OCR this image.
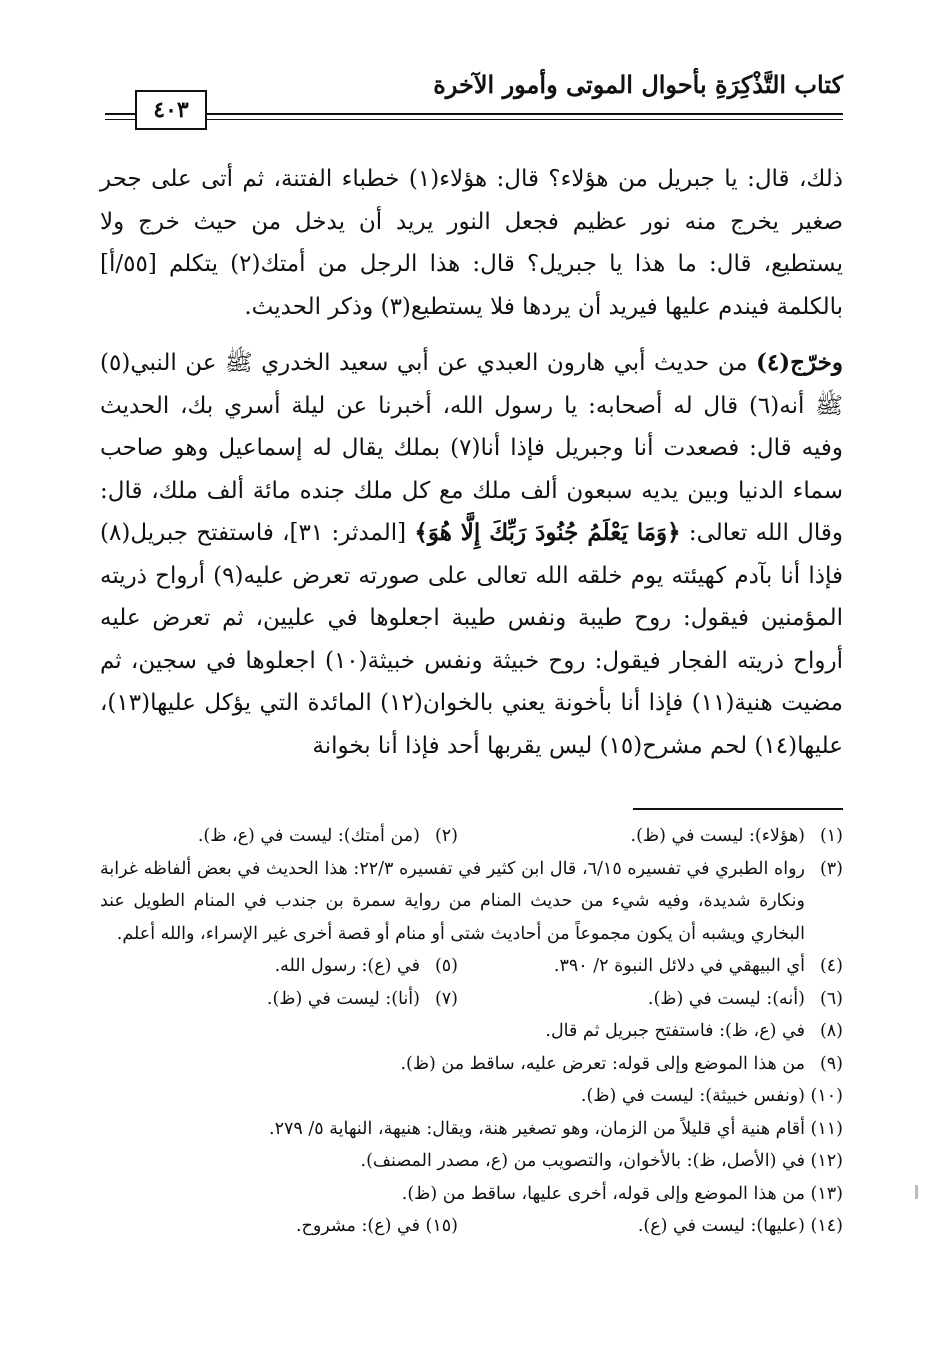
كتاب التَّذْكِرَةِ بأحوال الموتى وأمور الآخرة
٤٠٣

ذلك، قال: يا جبريل من هؤلاء؟ قال: هؤلاء(١) خطباء الفتنة، ثم أتى على جحر صغير يخرج منه نور عظيم فجعل النور يريد أن يدخل من حيث خرج ولا يستطيع، قال: ما هذا يا جبريل؟ قال: هذا الرجل من أمتك(٢) يتكلم [٥٥/أ] بالكلمة فيندم عليها فيريد أن يردها فلا يستطيع(٣) وذكر الحديث.

وخرّج(٤) من حديث أبي هارون العبدي عن أبي سعيد الخدري ﷺ عن النبي(٥) ﷺ أنه(٦) قال له أصحابه: يا رسول الله، أخبرنا عن ليلة أسري بك، الحديث وفيه قال: فصعدت أنا وجبريل فإذا أنا(٧) بملك يقال له إسماعيل وهو صاحب سماء الدنيا وبين يديه سبعون ألف ملك مع كل ملك جنده مائة ألف ملك، قال: وقال الله تعالى: ﴿وَمَا يَعْلَمُ جُنُودَ رَبِّكَ إِلَّا هُوَ﴾ [المدثر: ٣١]، فاستفتح جبريل(٨) فإذا أنا بآدم كهيئته يوم خلقه الله تعالى على صورته تعرض عليه(٩) أرواح ذريته المؤمنين فيقول: روح طيبة ونفس طيبة اجعلوها في عليين، ثم تعرض عليه أرواح ذريته الفجار فيقول: روح خبيثة ونفس خبيثة(١٠) اجعلوها في سجين، ثم مضيت هنية(١١) فإذا أنا بأخونة يعني بالخوان(١٢) المائدة التي يؤكل عليها(١٣)، عليها(١٤) لحم مشرح(١٥) ليس يقربها أحد فإذا أنا بخوانة

(١)
(هؤلاء): ليست في (ظ).
(٢)
(من أمتك): ليست في (ع، ظ).
(٣)
رواه الطبري في تفسيره ٦/١٥، قال ابن كثير في تفسيره ٢٢/٣: هذا الحديث في بعض ألفاظه غرابة ونكارة شديدة، وفيه شيء من حديث المنام من رواية سمرة بن جندب في المنام الطويل عند البخاري ويشبه أن يكون مجموعاً من أحاديث شتى أو منام أو قصة أخرى غير الإسراء، والله أعلم.
(٤)
أي البيهقي في دلائل النبوة ٢/ ٣٩٠.
(٥)
في (ع): رسول الله.
(٦)
(أنه): ليست في (ظ).
(٧)
(أنا): ليست في (ظ).
(٨)
في (ع، ظ): فاستفتح جبريل ثم قال.
(٩)
من هذا الموضع وإلى قوله: تعرض عليه، ساقط من (ظ).
(١٠)
(ونفس خبيثة): ليست في (ظ).
(١١)
أقام هنية أي قليلاً من الزمان، وهو تصغير هنة، ويقال: هنيهة، النهاية ٥/ ٢٧٩.
(١٢)
في (الأصل، ظ): بالأخوان، والتصويب من (ع، مصدر المصنف).
(١٣)
من هذا الموضع وإلى قوله، أخرى عليها، ساقط من (ظ).
(١٤)
(عليها): ليست في (ع).
(١٥)
في (ع): مشروح.
